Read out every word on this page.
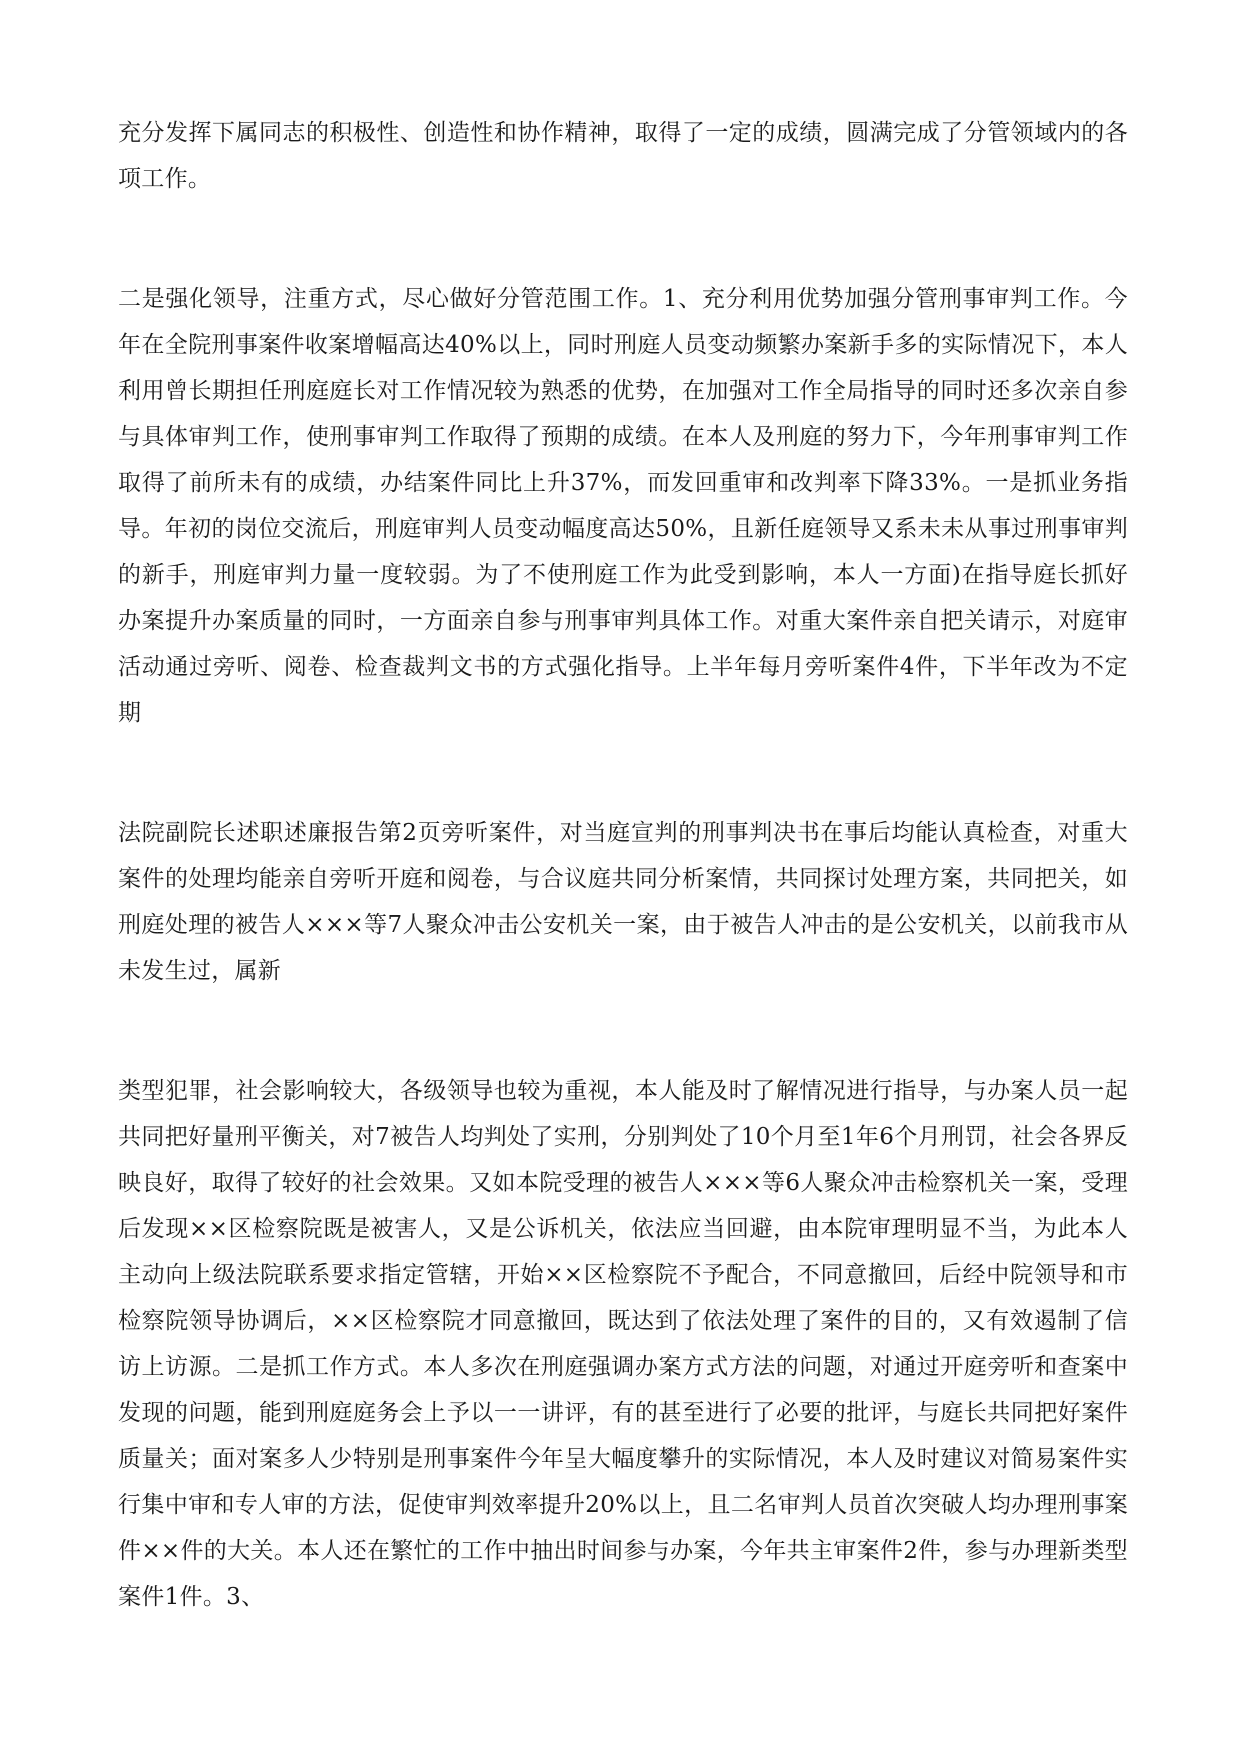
充分发挥下属同志的积极性、创造性和协作精神，取得了一定的成绩，圆满完成了分管领域内的各项工作。

二是强化领导，注重方式，尽心做好分管范围工作。1、充分利用优势加强分管刑事审判工作。今年在全院刑事案件收案增幅高达40%以上，同时刑庭人员变动频繁办案新手多的实际情况下，本人利用曾长期担任刑庭庭长对工作情况较为熟悉的优势，在加强对工作全局指导的同时还多次亲自参与具体审判工作，使刑事审判工作取得了预期的成绩。在本人及刑庭的努力下，今年刑事审判工作取得了前所未有的成绩，办结案件同比上升37%，而发回重审和改判率下降33%。一是抓业务指导。年初的岗位交流后，刑庭审判人员变动幅度高达50%，且新任庭领导又系未未从事过刑事审判的新手，刑庭审判力量一度较弱。为了不使刑庭工作为此受到影响，本人一方面)在指导庭长抓好办案提升办案质量的同时，一方面亲自参与刑事审判具体工作。对重大案件亲自把关请示，对庭审活动通过旁听、阅卷、检查裁判文书的方式强化指导。上半年每月旁听案件4件，下半年改为不定期

法院副院长述职述廉报告第2页旁听案件，对当庭宣判的刑事判决书在事后均能认真检查，对重大案件的处理均能亲自旁听开庭和阅卷，与合议庭共同分析案情，共同探讨处理方案，共同把关，如刑庭处理的被告人×××等7人聚众冲击公安机关一案，由于被告人冲击的是公安机关，以前我市从未发生过，属新

类型犯罪，社会影响较大，各级领导也较为重视，本人能及时了解情况进行指导，与办案人员一起共同把好量刑平衡关，对7被告人均判处了实刑，分别判处了10个月至1年6个月刑罚，社会各界反映良好，取得了较好的社会效果。又如本院受理的被告人×××等6人聚众冲击检察机关一案，受理后发现××区检察院既是被害人，又是公诉机关，依法应当回避，由本院审理明显不当，为此本人主动向上级法院联系要求指定管辖，开始××区检察院不予配合，不同意撤回，后经中院领导和市检察院领导协调后，××区检察院才同意撤回，既达到了依法处理了案件的目的，又有效遏制了信访上访源。二是抓工作方式。本人多次在刑庭强调办案方式方法的问题，对通过开庭旁听和查案中发现的问题，能到刑庭庭务会上予以一一讲评，有的甚至进行了必要的批评，与庭长共同把好案件质量关；面对案多人少特别是刑事案件今年呈大幅度攀升的实际情况，本人及时建议对简易案件实行集中审和专人审的方法，促使审判效率提升20%以上，且二名审判人员首次突破人均办理刑事案件××件的大关。本人还在繁忙的工作中抽出时间参与办案，今年共主审案件2件，参与办理新类型案件1件。3、
